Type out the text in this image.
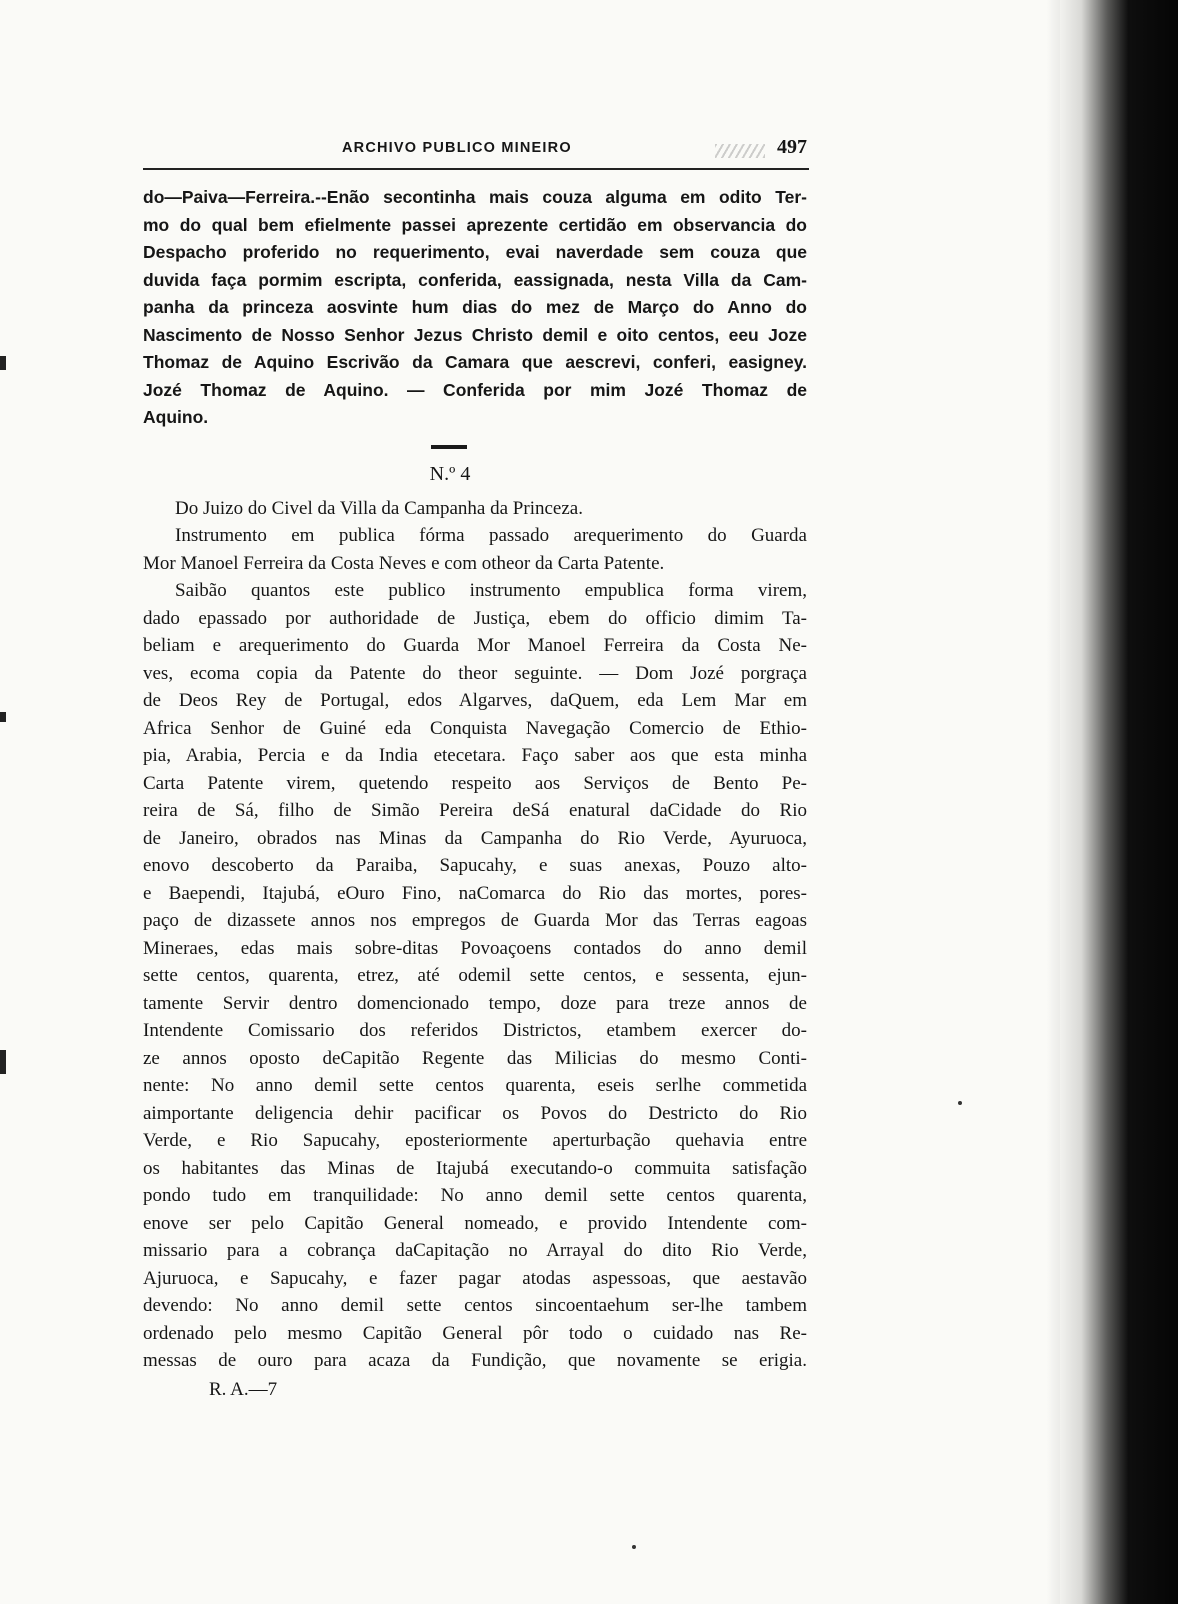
ARCHIVO PUBLICO MINEIRO	497
do—Paiva—Ferreira.--Enão secontinha mais couza alguma em odito Ter-
mo do qual bem efielmente passei aprezente certidão em observancia do
Despacho proferido no requerimento, evai naverdade sem couza que
duvida faça pormim escripta, conferida, eassignada, nesta Villa da Cam-
panha da princeza aosvinte hum dias do mez de Março do Anno do
Nascimento de Nosso Senhor Jezus Christo demil e oito centos, eeu Joze
Thomaz de Aquino Escrivão da Camara que aescrevi, conferi, easigney.
Jozé Thomaz de Aquino. — Conferida por mim Jozé Thomaz de
Aquino.
N.º 4
Do Juizo do Civel da Villa da Campanha da Princeza.
Instrumento em publica fórma passado arequerimento do Guarda
Mor Manoel Ferreira da Costa Neves e com otheor da Carta Patente.
Saibão quantos este publico instrumento empublica forma virem,
dado epassado por authoridade de Justiça, ebem do officio dimim Ta-
beliam e arequerimento do Guarda Mor Manoel Ferreira da Costa Ne-
ves, ecoma copia da Patente do theor seguinte. — Dom Jozé porgraça
de Deos Rey de Portugal, edos Algarves, daQuem, eda Lem Mar em
Africa Senhor de Guiné eda Conquista Navegação Comercio de Ethio-
pia, Arabia, Percia e da India etecetara. Faço saber aos que esta minha
Carta Patente virem, quetendo respeito aos Serviços de Bento Pe-
reira de Sá, filho de Simão Pereira deSá enatural daCidade do Rio
de Janeiro, obrados nas Minas da Campanha do Rio Verde, Ayuruoca,
enovo descoberto da Paraiba, Sapucahy, e suas anexas, Pouzo alto-
e Baependi, Itajubá, eOuro Fino, naComarca do Rio das mortes, pores-
paço de dizassete annos nos empregos de Guarda Mor das Terras eagoas
Mineraes, edas mais sobre-ditas Povoaçoens contados do anno demil
sette centos, quarenta, etrez, até odemil sette centos, e sessenta, ejun-
tamente Servir dentro domencionado tempo, doze para treze annos de
Intendente Comissario dos referidos Districtos, etambem exercer do-
ze annos oposto deCapitão Regente das Milicias do mesmo Conti-
nente: No anno demil sette centos quarenta, eseis serlhe commetida
aimportante deligencia dehir pacificar os Povos do Destricto do Rio
Verde, e Rio Sapucahy, eposteriormente aperturbação quehavia entre
os habitantes das Minas de Itajubá executando-o commuita satisfação
pondo tudo em tranquilidade: No anno demil sette centos quarenta,
enove ser pelo Capitão General nomeado, e provido Intendente com-
missario para a cobrança daCapitação no Arrayal do dito Rio Verde,
Ajuruoca, e Sapucahy, e fazer pagar atodas aspessoas, que aestavão
devendo: No anno demil sette centos sincoentaehum ser-lhe tambem
ordenado pelo mesmo Capitão General pôr todo o cuidado nas Re-
messas de ouro para acaza da Fundição, que novamente se erigia.
R. A.—7
